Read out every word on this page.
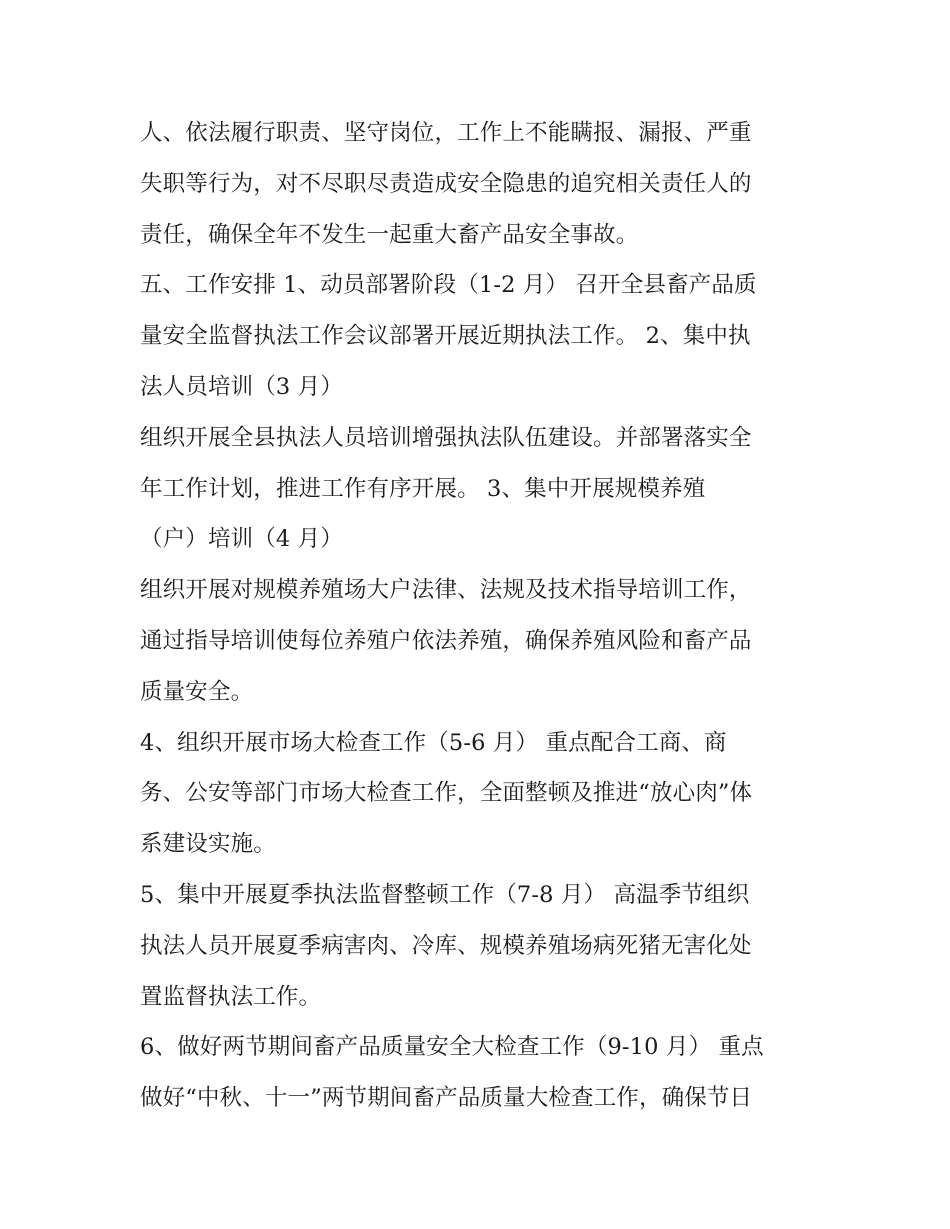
人、依法履行职责、坚守岗位，工作上不能瞒报、漏报、严重
失职等行为，对不尽职尽责造成安全隐患的追究相关责任人的
责任，确保全年不发生一起重大畜产品安全事故。
五、工作安排 1、动员部署阶段（1-2 月） 召开全县畜产品质
量安全监督执法工作会议部署开展近期执法工作。 2、集中执
法人员培训（3 月）
组织开展全县执法人员培训增强执法队伍建设。并部署落实全
年工作计划，推进工作有序开展。 3、集中开展规模养殖
（户）培训（4 月）
组织开展对规模养殖场大户法律、法规及技术指导培训工作，
通过指导培训使每位养殖户依法养殖，确保养殖风险和畜产品
质量安全。
4、组织开展市场大检查工作（5-6 月） 重点配合工商、商
务、公安等部门市场大检查工作，全面整顿及推进“放心肉”体
系建设实施。
5、集中开展夏季执法监督整顿工作（7-8 月） 高温季节组织
执法人员开展夏季病害肉、冷库、规模养殖场病死猪无害化处
置监督执法工作。
6、做好两节期间畜产品质量安全大检查工作（9-10 月） 重点
做好“中秋、十一”两节期间畜产品质量大检查工作，确保节日
